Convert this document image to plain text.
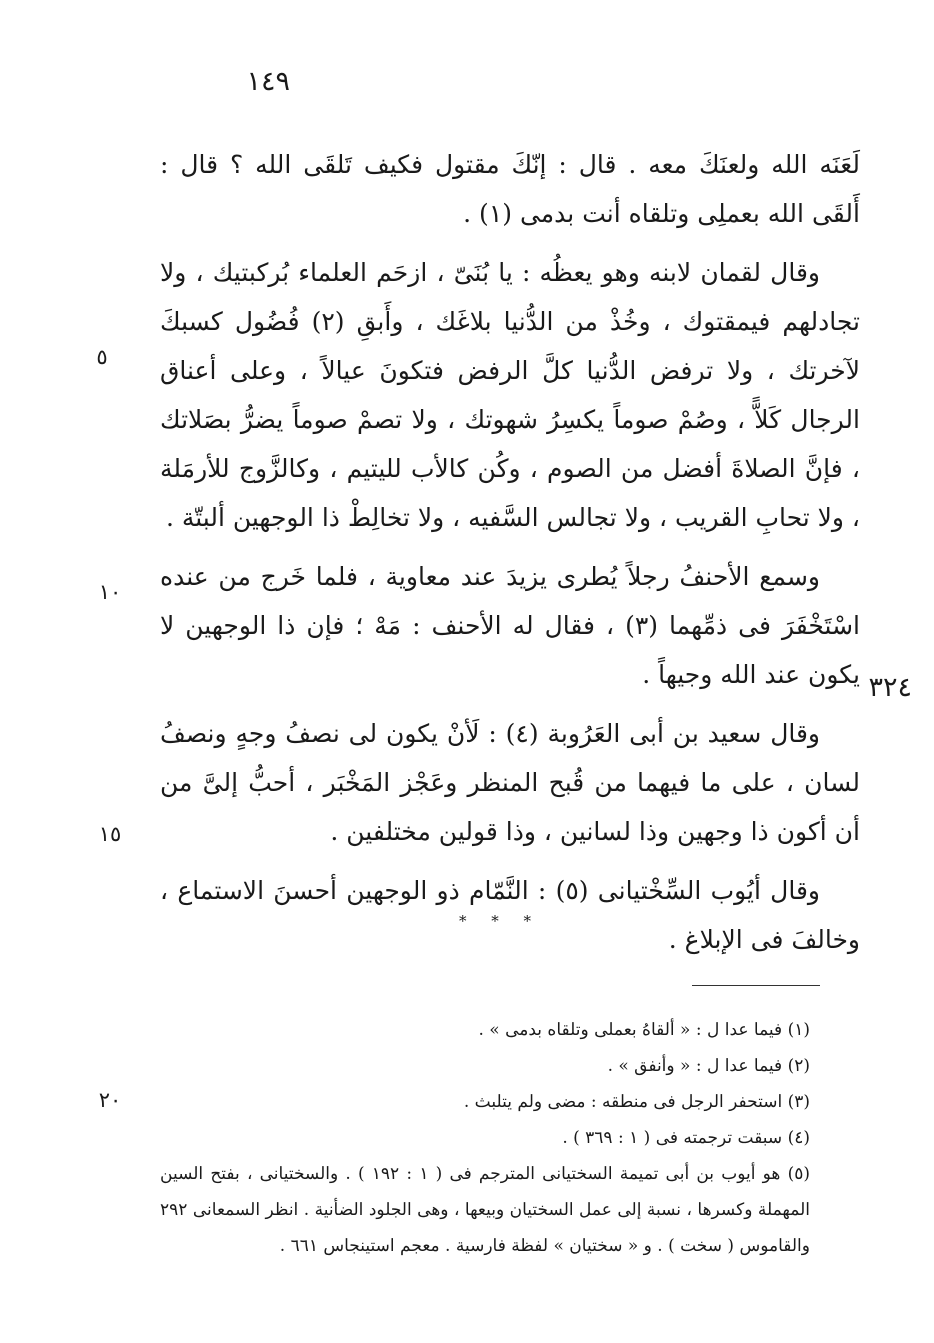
١٤٩

لَعَنَه الله ولعنَكَ معه . قال : إنّكَ مقتول فكيف تَلقَى الله ؟ قال : أَلقَى الله بعملِى وتلقاه أنت بدمى (١) .

وقال لقمان لابنه وهو يعظُه : يا بُنَىّ ، ازحَم العلماء بُركبتيك ، ولا تجادلهم فيمقتوك ، وخُذْ من الدُّنيا بلاغَك ، وأَبقِ (٢) فُضُول كسبكَ لآخرتك ، ولا ترفض الدُّنيا كلَّ الرفض فتكونَ عيالاً ، وعلى أعناق الرجال كَلاًّ ، وصُمْ صوماً يكسِرُ شهوتك ، ولا تصمْ صوماً يضرُّ بصَلاتك ، فإنَّ الصلاةَ أفضل من الصوم ، وكُن كالأب لليتيم ، وكالزَّوج للأرمَلة ، ولا تحابِ القريب ، ولا تجالس السَّفيه ، ولا تخالِطْ ذا الوجهين ألبتّة .

وسمع الأحنفُ رجلاً يُطرى يزيدَ عند معاوية ، فلما خَرج من عنده اسْتَخْفَرَ فى ذمِّهما (٣) ، فقال له الأحنف : مَهْ ؛ فإن ذا الوجهين لا يكون عند الله وجيهاً .

وقال سعيد بن أبى العَرُوبة (٤) : لَأنْ يكون لى نصفُ وجهٍ ونصفُ لسان ، على ما فيهما من قُبح المنظر وعَجْز المَخْبَر ، أحبُّ إلىَّ من أن أكون ذا وجهين وذا لسانين ، وذا قولين مختلفين .

وقال أيُوب السِّخْتيانى (٥) : النَّمّام ذو الوجهين أحسنَ الاستماع ، وخالفَ فى الإبلاغ .

٥
١٠
١٥
٢٠
٣٢٤
* * *

(١) فيما عدا ل : « ألقاهُ بعملى وتلقاه بدمى » .

(٢) فيما عدا ل : « وأنفق » .

(٣) استحفر الرجل فى منطقه : مضى ولم يتلبث .

(٤) سبقت ترجمته فى ( ١ : ٣٦٩ ) .

(٥) هو أيوب بن أبى تميمة السختيانى المترجم فى ( ١ : ١٩٢ ) . والسختيانى ، بفتح السين المهملة وكسرها ، نسبة إلى عمل السختيان وبيعها ، وهى الجلود الضأنية . انظر السمعانى ٢٩٢ والقاموس ( سخت ) . و « سختيان » لفظة فارسية . معجم استينجاس ٦٦١ .
